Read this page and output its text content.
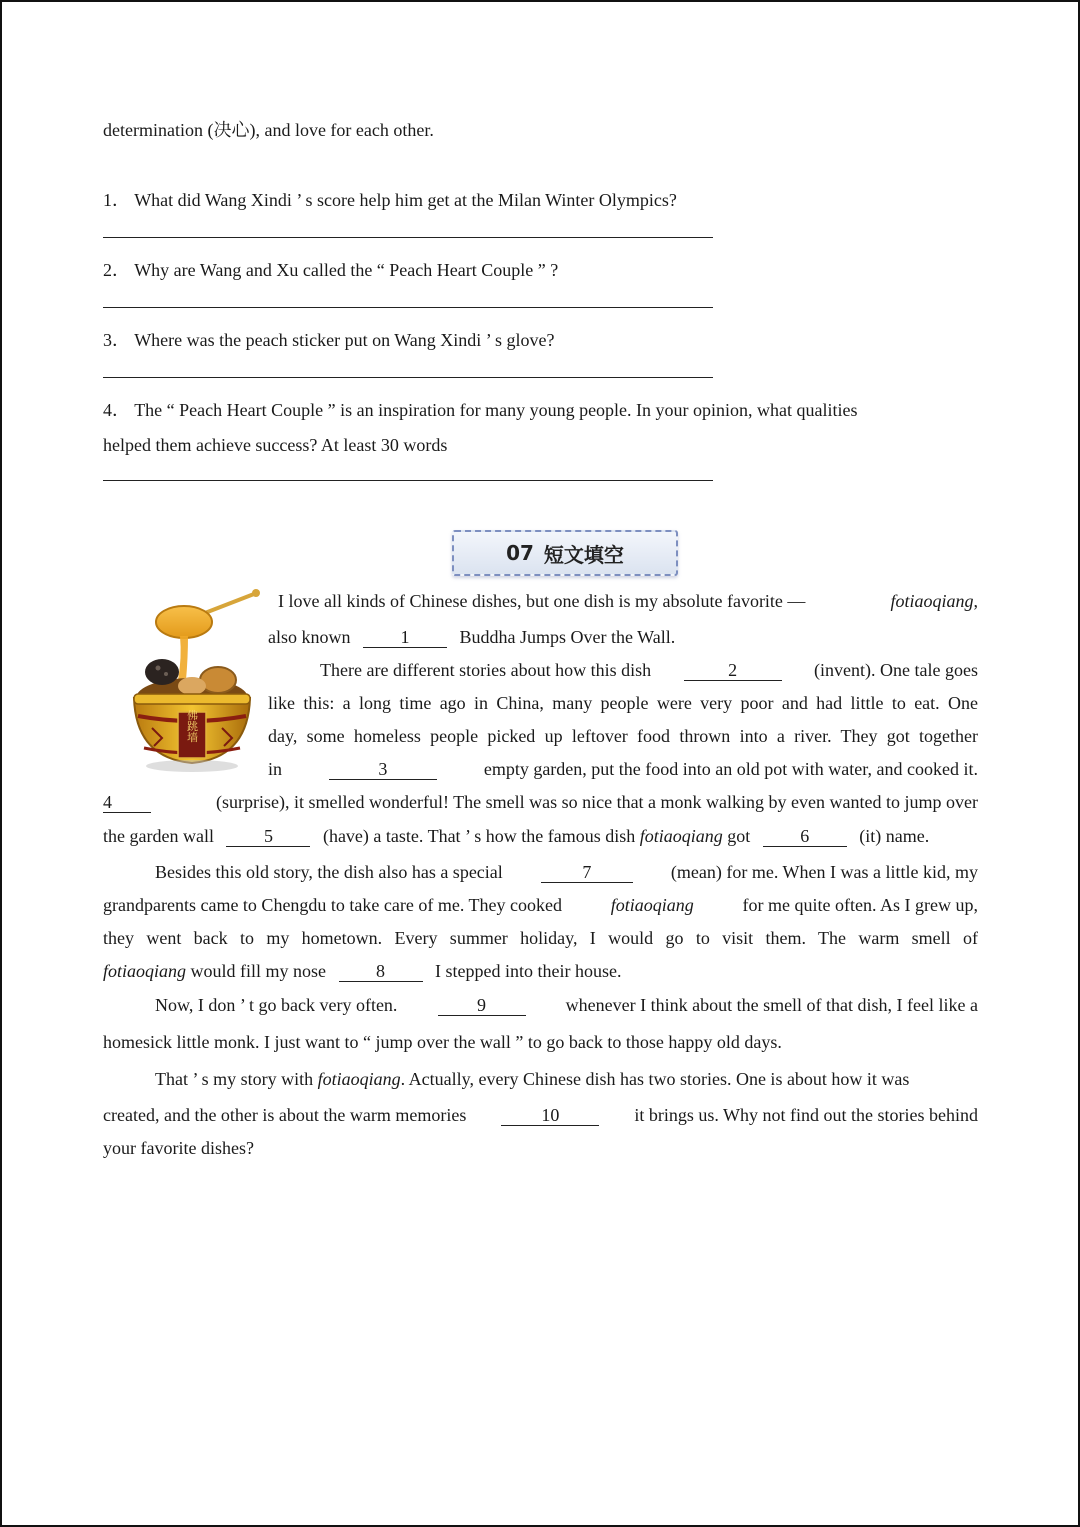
determination (决心), and love for each other.
1． What did Wang Xindi ’ s score help him get at the Milan Winter Olympics?
2． Why are Wang and Xu called the “ Peach Heart Couple ” ?
3． Where was the peach sticker put on Wang Xindi ’ s glove?
4． The “ Peach Heart Couple ” is an inspiration for many young people. In your opinion, what qualities
helped them achieve success? At least 30 words
07 短文填空
佛跳墙
I love all kinds of Chinese dishes, but one dish is my absolute favorite —	fotiaoqiang,
also known	1	Buddha Jumps Over the Wall.
There are different stories about how this dish	2	(invent). One tale goes
like this: a long time ago in China, many people were very poor and had little to eat. One
day, some homeless people picked up leftover food thrown into a river. They got together
in	3	empty garden, put the food into an old pot with water, and cooked it.
4	(surprise), it smelled wonderful! The smell was so nice that a monk walking by even wanted to jump over
the garden wall	5	(have) a taste. That ’ s how the famous dish fotiaoqiang got	6	(it) name.
Besides this old story, the dish also has a special	7	(mean) for me. When I was a little kid, my
grandparents came to Chengdu to take care of me. They cooked	fotiaoqiang	for me quite often. As I grew up,
they went back to my hometown. Every summer holiday, I would go to visit them. The warm smell of
fotiaoqiang would fill my nose	8	I stepped into their house.
Now, I don ’ t go back very often.	9	whenever I think about the smell of that dish, I feel like a
homesick little monk. I just want to “ jump over the wall ” to go back to those happy old days.
That ’ s my story with fotiaoqiang. Actually, every Chinese dish has two stories. One is about how it was
created, and the other is about the warm memories	10	it brings us. Why not find out the stories behind
your favorite dishes?
